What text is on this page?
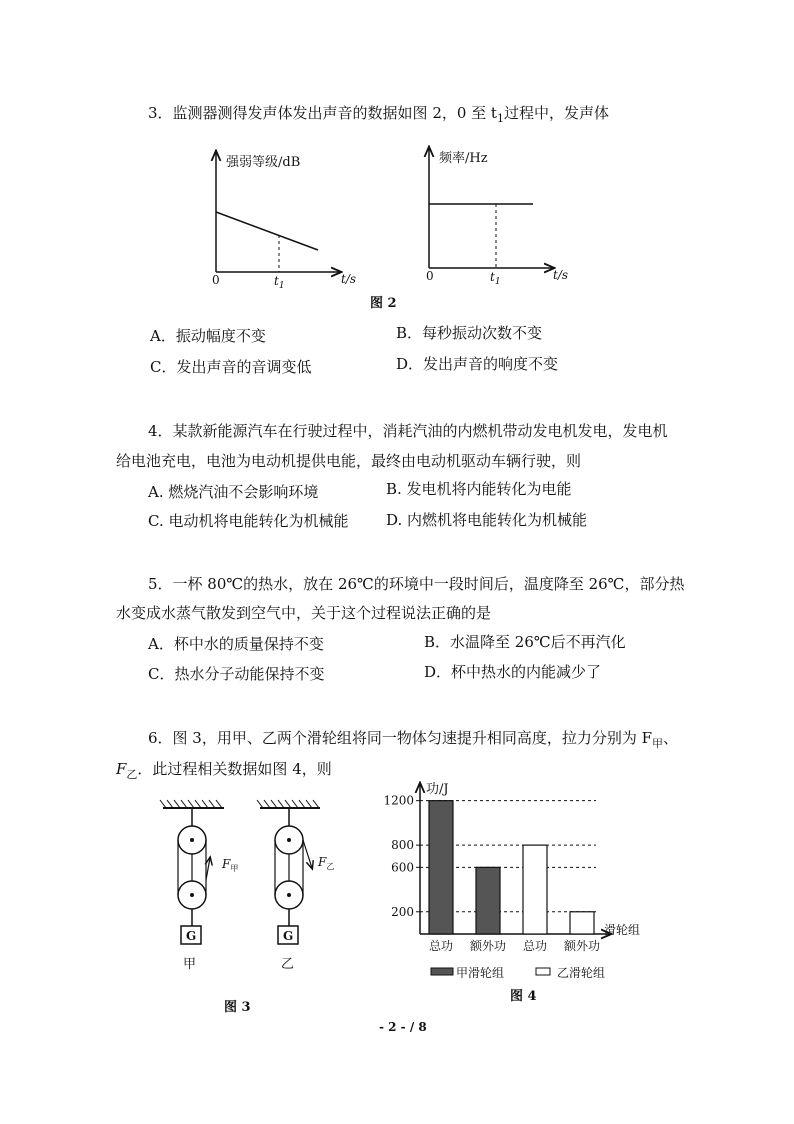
3．监测器测得发声体发出声音的数据如图 2，0 至 $t_1$过程中，发声体
强弱等级/dB
0	$t_1$	t/s
频率/Hz
0	$t_1$	t/s
图 2
A．振动幅度不变	B．每秒振动次数不变
C．发出声音的音调变低	D．发出声音的响度不变
4．某款新能源汽车在行驶过程中，消耗汽油的内燃机带动发电机发电，发电机
给电池充电，电池为电动机提供电能，最终由电动机驱动车辆行驶，则
A. 燃烧汽油不会影响环境	B. 发电机将内能转化为电能
C. 电动机将电能转化为机械能	D. 内燃机将电能转化为机械能
5．一杯 80℃的热水，放在 26℃的环境中一段时间后，温度降至 26℃，部分热
水变成水蒸气散发到空气中，关于这个过程说法正确的是
A．杯中水的质量保持不变	B．水温降至 26℃后不再汽化
C．热水分子动能保持不变	D．杯中热水的内能减少了
6．图 3，用甲、乙两个滑轮组将同一物体匀速提升相同高度，拉力分别为 $F_甲$、
$F_乙$．此过程相关数据如图 4，则
G
$F_甲$
甲
G
$F_乙$
乙
图 3
功/J
滑轮组
200
600
800
1200
总功 额外功 总功 额外功
甲滑轮组	乙滑轮组
图 4
- 2 - / 8
